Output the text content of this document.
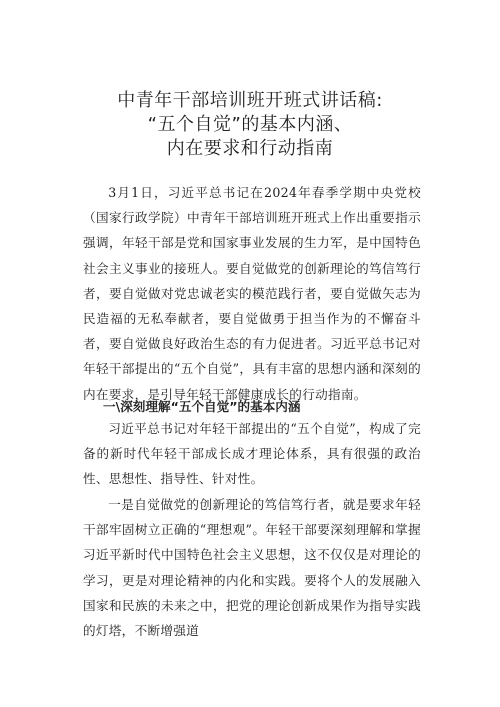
中青年干部培训班开班式讲话稿:
“五个自觉”的基本内涵、
内在要求和行动指南
3月1日，习近平总书记在2024年春季学期中央党校（国家行政学院）中青年干部培训班开班式上作出重要指示强调，年轻干部是党和国家事业发展的生力军，是中国特色社会主义事业的接班人。要自觉做党的创新理论的笃信笃行者，要自觉做对党忠诚老实的模范践行者，要自觉做矢志为民造福的无私奉献者，要自觉做勇于担当作为的不懈奋斗者，要自觉做良好政治生态的有力促进者。习近平总书记对年轻干部提出的“五个自觉”，具有丰富的思想内涵和深刻的内在要求，是引导年轻干部健康成长的行动指南。
一\深刻理解“五个自觉”的基本内涵
习近平总书记对年轻干部提出的“五个自觉”，构成了完备的新时代年轻干部成长成才理论体系，具有很强的政治性、思想性、指导性、针对性。
一是自觉做党的创新理论的笃信笃行者，就是要求年轻干部牢固树立正确的“理想观”。年轻干部要深刻理解和掌握习近平新时代中国特色社会主义思想，这不仅仅是对理论的学习，更是对理论精神的内化和实践。要将个人的发展融入国家和民族的未来之中，把党的理论创新成果作为指导实践的灯塔，不断增强道
